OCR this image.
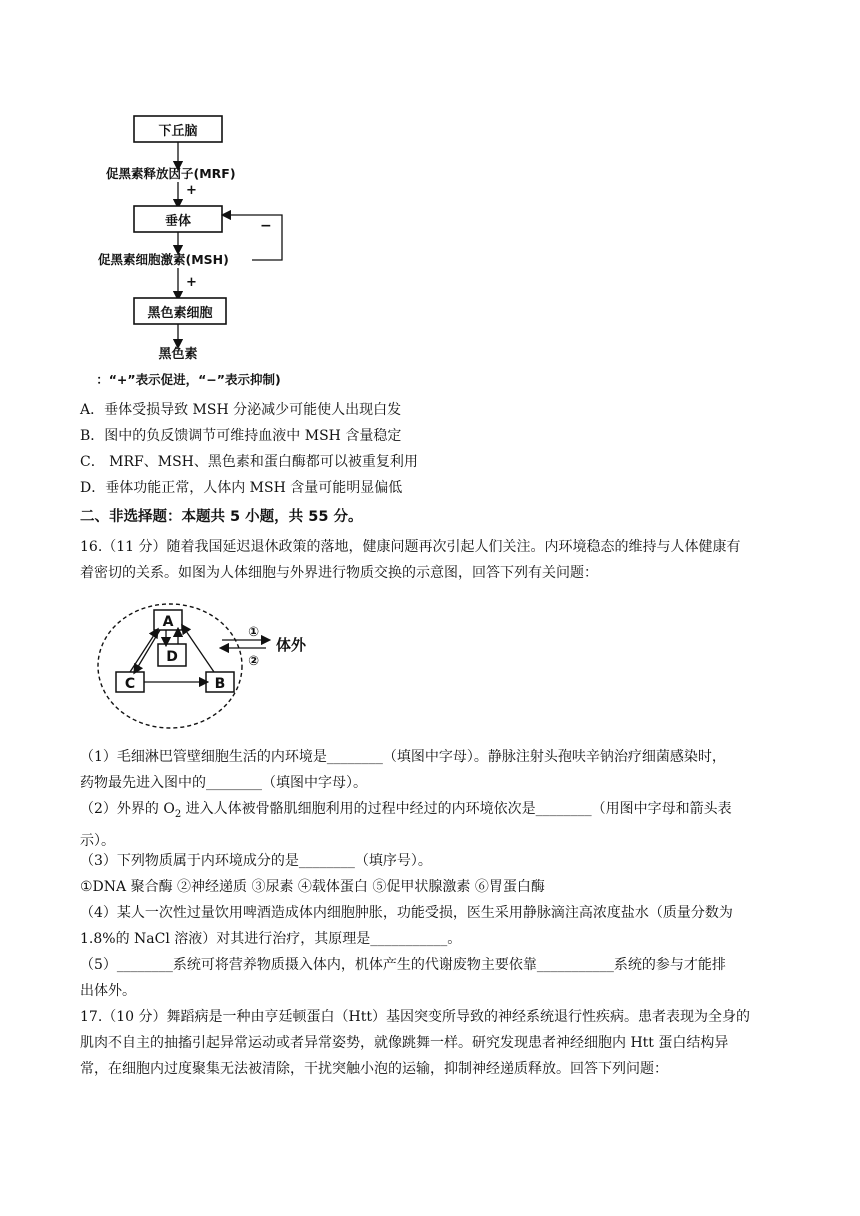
下丘脑
促黑素释放因子(MRF)
+
垂体	−
促黑素细胞激素(MSH)
+
黑色素细胞
黑色素
(注：“+”表示促进，“−”表示抑制)
A．垂体受损导致 MSH 分泌减少可能使人出现白发
B．图中的负反馈调节可维持血液中 MSH 含量稳定
C． MRF、MSH、黑色素和蛋白酶都可以被重复利用
D．垂体功能正常，人体内 MSH 含量可能明显偏低
二、非选择题：本题共 5 小题，共 55 分。
16.（11 分）随着我国延迟退休政策的落地，健康问题再次引起人们关注。内环境稳态的维持与人体健康有
着密切的关系。如图为人体细胞与外界进行物质交换的示意图，回答下列有关问题：
A
D
C	B
①
②
体外
（1）毛细淋巴管壁细胞生活的内环境是________（填图中字母）。静脉注射头孢呋辛钠治疗细菌感染时，
药物最先进入图中的________（填图中字母）。
（2）外界的 $O_2$ 进入人体被骨骼肌细胞利用的过程中经过的内环境依次是________（用图中字母和箭头表
示）。
（3）下列物质属于内环境成分的是________（填序号）。
①DNA 聚合酶 ②神经递质 ③尿素 ④载体蛋白 ⑤促甲状腺激素 ⑥胃蛋白酶
（4）某人一次性过量饮用啤酒造成体内细胞肿胀，功能受损，医生采用静脉滴注高浓度盐水（质量分数为
1.8%的 NaCl 溶液）对其进行治疗，其原理是___________。
（5）________系统可将营养物质摄入体内，机体产生的代谢废物主要依靠___________系统的参与才能排
出体外。
17.（10 分）舞蹈病是一种由亨廷顿蛋白（Htt）基因突变所导致的神经系统退行性疾病。患者表现为全身的
肌肉不自主的抽搐引起异常运动或者异常姿势，就像跳舞一样。研究发现患者神经细胞内 Htt 蛋白结构异
常，在细胞内过度聚集无法被清除，干扰突触小泡的运输，抑制神经递质释放。回答下列问题：
